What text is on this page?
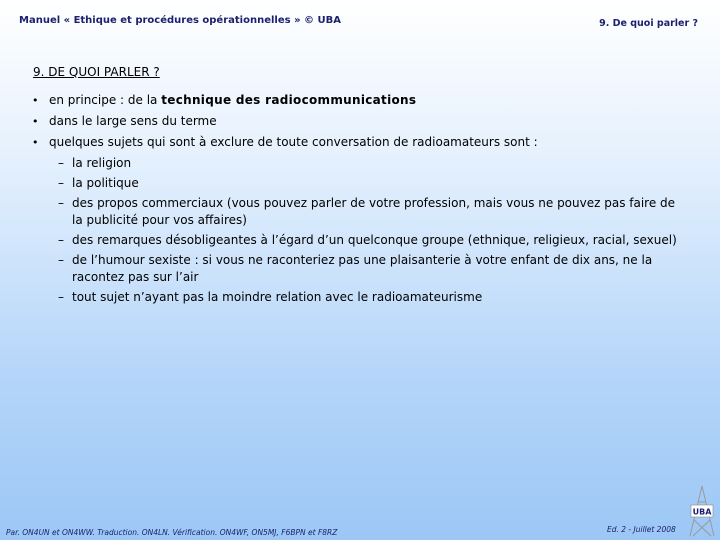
Manuel « Ethique et procédures opérationnelles » © UBA	9. De quoi parler ?
9. DE QUOI PARLER ?
• en principe : de la technique des radiocommunications
• dans le large sens du terme
• quelques sujets qui sont à exclure de toute conversation de radioamateurs sont :
– la religion
– la politique
– des propos commerciaux (vous pouvez parler de votre profession, mais vous ne pouvez pas faire de la publicité pour vos affaires)
– des remarques désobligeantes à l’égard d’un quelconque groupe (ethnique, religieux, racial, sexuel)
– de l’humour sexiste : si vous ne raconteriez pas une plaisanterie à votre enfant de dix ans, ne la racontez pas sur l’air
– tout sujet n’ayant pas la moindre relation avec le radioamateurisme
Par. ON4UN et ON4WW. Traduction. ON4LN. Vérification. ON4WF, ON5MJ, F6BPN et F8RZ	Ed. 2 - Juillet 2008
UBA
